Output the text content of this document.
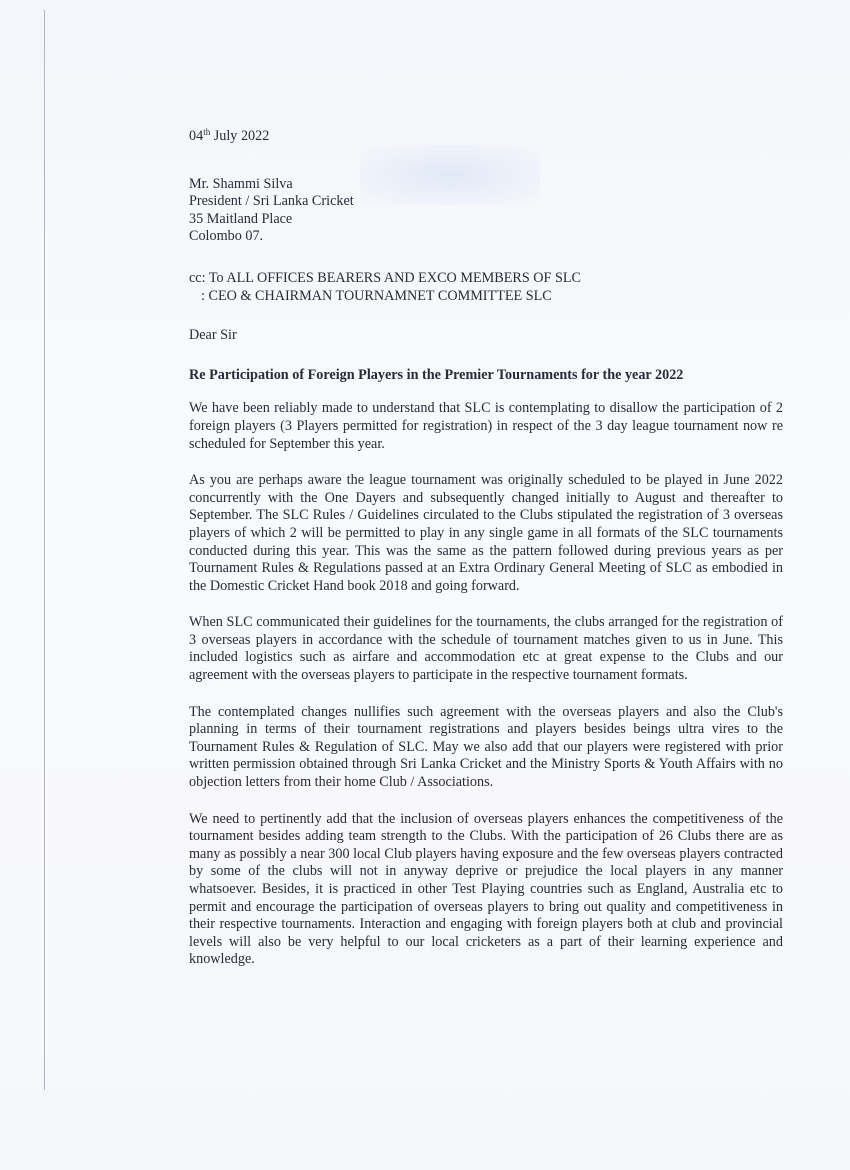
04th July 2022
Mr. Shammi Silva
President / Sri Lanka Cricket
35 Maitland Place
Colombo 07.
cc: To ALL OFFICES BEARERS AND EXCO MEMBERS OF SLC
: CEO & CHAIRMAN TOURNAMNET COMMITTEE SLC
Dear Sir
Re Participation of Foreign Players in the Premier Tournaments for the year 2022

We have been reliably made to understand that SLC is contemplating to disallow the participation of 2 foreign players (3 Players permitted for registration) in respect of the 3 day league tournament now re scheduled for September this year.

As you are perhaps aware the league tournament was originally scheduled to be played in June 2022 concurrently with the One Dayers and subsequently changed initially to August and thereafter to September. The SLC Rules / Guidelines circulated to the Clubs stipulated the registration of 3 overseas players of which 2 will be permitted to play in any single game in all formats of the SLC tournaments conducted during this year. This was the same as the pattern followed during previous years as per Tournament Rules & Regulations passed at an Extra Ordinary General Meeting of SLC as embodied in the Domestic Cricket Hand book 2018 and going forward.

When SLC communicated their guidelines for the tournaments, the clubs arranged for the registration of 3 overseas players in accordance with the schedule of tournament matches given to us in June. This included logistics such as airfare and accommodation etc at great expense to the Clubs and our agreement with the overseas players to participate in the respective tournament formats.

The contemplated changes nullifies such agreement with the overseas players and also the Club's planning in terms of their tournament registrations and players besides beings ultra vires to the Tournament Rules & Regulation of SLC. May we also add that our players were registered with prior written permission obtained through Sri Lanka Cricket and the Ministry Sports & Youth Affairs with no objection letters from their home Club / Associations.

We need to pertinently add that the inclusion of overseas players enhances the competitiveness of the tournament besides adding team strength to the Clubs. With the participation of 26 Clubs there are as many as possibly a near 300 local Club players having exposure and the few overseas players contracted by some of the clubs will not in anyway deprive or prejudice the local players in any manner whatsoever. Besides, it is practiced in other Test Playing countries such as England, Australia etc to permit and encourage the participation of overseas players to bring out quality and competitiveness in their respective tournaments. Interaction and engaging with foreign players both at club and provincial levels will also be very helpful to our local cricketers as a part of their learning experience and knowledge.
